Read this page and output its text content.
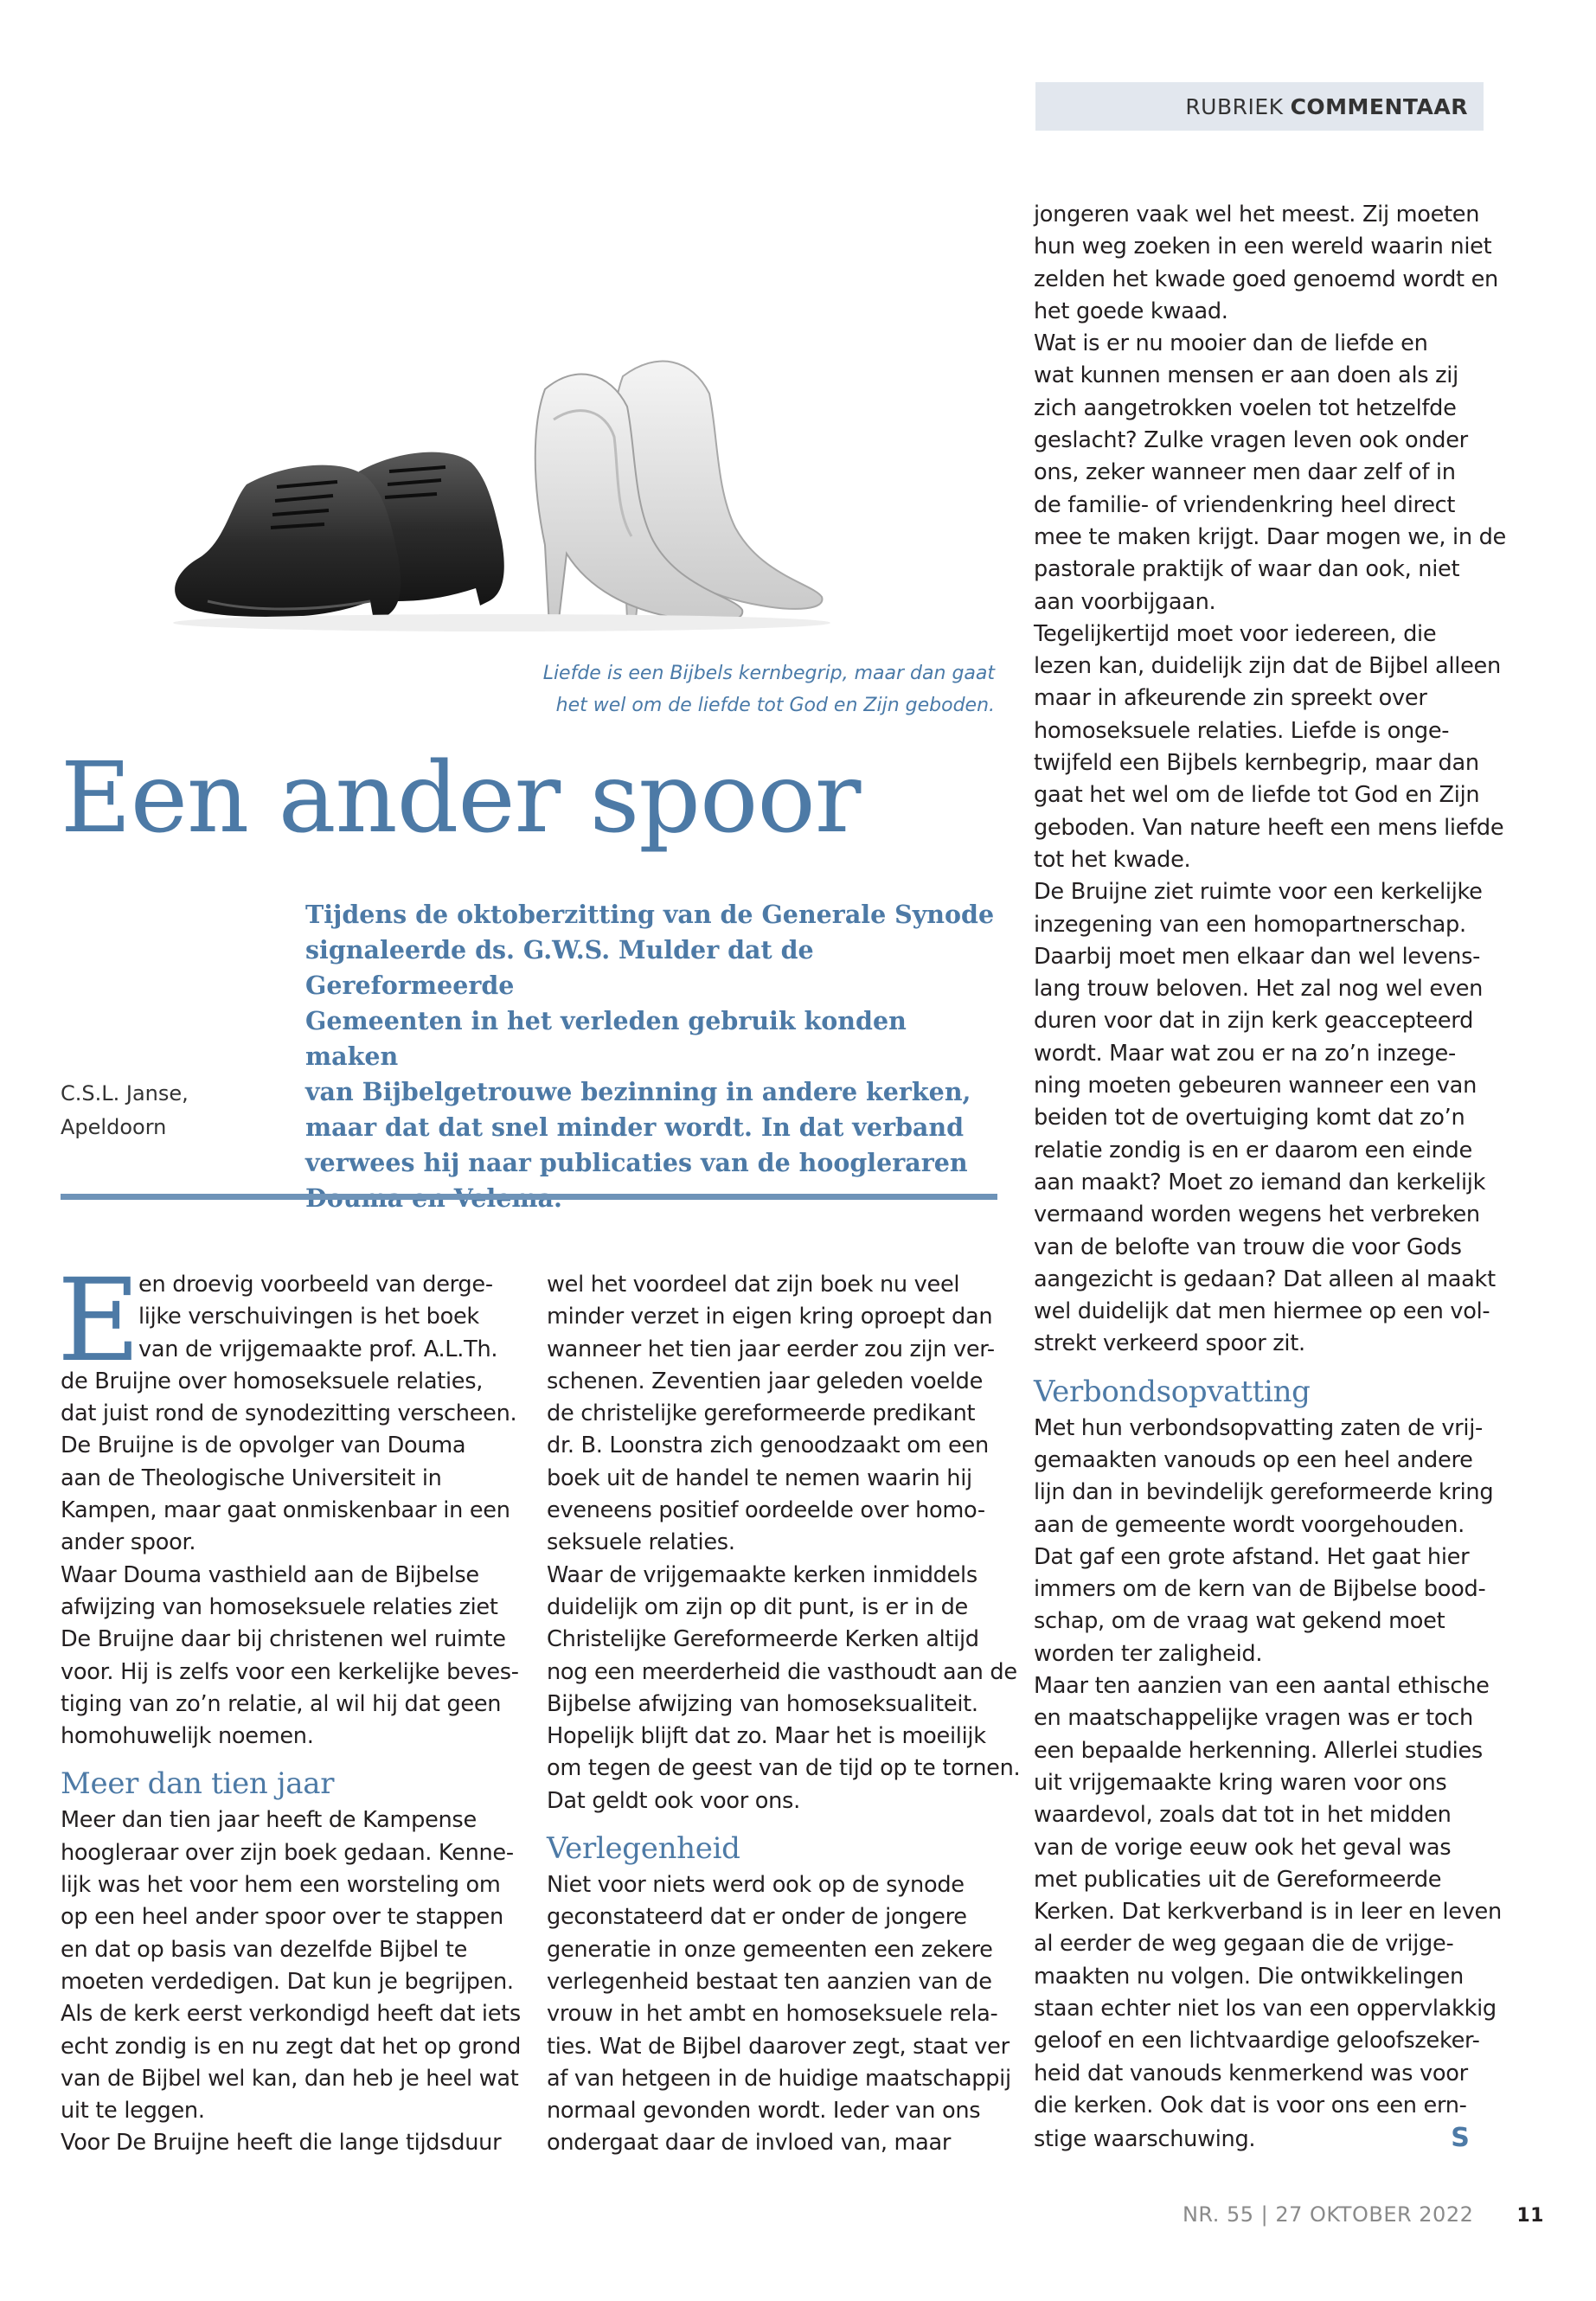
RUBRIEK COMMENTAAR
Liefde is een Bijbels kernbegrip, maar dan gaat
het wel om de liefde tot God en Zijn geboden.
Een ander spoor

Tijdens de oktoberzitting van de Generale Synode

signaleerde ds. G.W.S. Mulder dat de Gereformeerde

Gemeenten in het verleden gebruik konden maken

van Bijbelgetrouwe bezinning in andere kerken,

maar dat dat snel minder wordt. In dat verband

verwees hij naar publicaties van de hoogleraren

C.S.L. Janse,
Apeldoorn
E
en droevig voorbeeld van derge-
lijke verschuivingen is het boek
van de vrijgemaakte prof. A.L.Th.
de Bruijne over homoseksuele relaties,
dat juist rond de synodezitting verscheen.
De Bruijne is de opvolger van Douma
aan de Theologische Universiteit in
Kampen, maar gaat onmiskenbaar in een
ander spoor.
Waar Douma vasthield aan de Bijbelse
afwijzing van homoseksuele relaties ziet
De Bruijne daar bij christenen wel ruimte
voor. Hij is zelfs voor een kerkelijke beves-
tiging van zo’n relatie, al wil hij dat geen
homohuwelijk noemen.
Meer dan tien jaar
Meer dan tien jaar heeft de Kampense
hoogleraar over zijn boek gedaan. Kenne-
lijk was het voor hem een worsteling om
op een heel ander spoor over te stappen
en dat op basis van dezelfde Bijbel te
moeten verdedigen. Dat kun je begrijpen.
Als de kerk eerst verkondigd heeft dat iets
echt zondig is en nu zegt dat het op grond
van de Bijbel wel kan, dan heb je heel wat
uit te leggen.
Voor De Bruijne heeft die lange tijdsduur
wel het voordeel dat zijn boek nu veel
minder verzet in eigen kring oproept dan
wanneer het tien jaar eerder zou zijn ver-
schenen. Zeventien jaar geleden voelde
de christelijke gereformeerde predikant
dr. B. Loonstra zich genoodzaakt om een
boek uit de handel te nemen waarin hij
eveneens positief oordeelde over homo-
seksuele relaties.
Waar de vrijgemaakte kerken inmiddels
duidelijk om zijn op dit punt, is er in de
Christelijke Gereformeerde Kerken altijd
nog een meerderheid die vasthoudt aan de
Bijbelse afwijzing van homoseksualiteit.
Hopelijk blijft dat zo. Maar het is moeilijk
om tegen de geest van de tijd op te tornen.
Dat geldt ook voor ons.
Verlegenheid
Niet voor niets werd ook op de synode
geconstateerd dat er onder de jongere
generatie in onze gemeenten een zekere
verlegenheid bestaat ten aanzien van de
vrouw in het ambt en homoseksuele rela-
ties. Wat de Bijbel daarover zegt, staat ver
af van hetgeen in de huidige maatschappij
normaal gevonden wordt. Ieder van ons
ondergaat daar de invloed van, maar
jongeren vaak wel het meest. Zij moeten
hun weg zoeken in een wereld waarin niet
zelden het kwade goed genoemd wordt en
het goede kwaad.
Wat is er nu mooier dan de liefde en
wat kunnen mensen er aan doen als zij
zich aangetrokken voelen tot hetzelfde
geslacht? Zulke vragen leven ook onder
ons, zeker wanneer men daar zelf of in
de familie- of vriendenkring heel direct
mee te maken krijgt. Daar mogen we, in de
pastorale praktijk of waar dan ook, niet
aan voorbijgaan.
Tegelijkertijd moet voor iedereen, die
lezen kan, duidelijk zijn dat de Bijbel alleen
maar in afkeurende zin spreekt over
homoseksuele relaties. Liefde is onge-
twijfeld een Bijbels kernbegrip, maar dan
gaat het wel om de liefde tot God en Zijn
geboden. Van nature heeft een mens liefde
tot het kwade.
De Bruijne ziet ruimte voor een kerkelijke
inzegening van een homopartnerschap.
Daarbij moet men elkaar dan wel levens-
lang trouw beloven. Het zal nog wel even
duren voor dat in zijn kerk geaccepteerd
wordt. Maar wat zou er na zo’n inzege-
ning moeten gebeuren wanneer een van
beiden tot de overtuiging komt dat zo’n
relatie zondig is en er daarom een einde
aan maakt? Moet zo iemand dan kerkelijk
vermaand worden wegens het verbreken
van de belofte van trouw die voor Gods
aangezicht is gedaan? Dat alleen al maakt
wel duidelijk dat men hiermee op een vol-
strekt verkeerd spoor zit.
Verbondsopvatting
Met hun verbondsopvatting zaten de vrij-
gemaakten vanouds op een heel andere
lijn dan in bevindelijk gereformeerde kring
aan de gemeente wordt voorgehouden.
Dat gaf een grote afstand. Het gaat hier
immers om de kern van de Bijbelse bood-
schap, om de vraag wat gekend moet
worden ter zaligheid.
Maar ten aanzien van een aantal ethische
en maatschappelijke vragen was er toch
een bepaalde herkenning. Allerlei studies
uit vrijgemaakte kring waren voor ons
waardevol, zoals dat tot in het midden
van de vorige eeuw ook het geval was
met publicaties uit de Gereformeerde
Kerken. Dat kerkverband is in leer en leven
al eerder de weg gegaan die de vrijge-
maakten nu volgen. Die ontwikkelingen
staan echter niet los van een oppervlakkig
geloof en een lichtvaardige geloofszeker-
heid dat vanouds kenmerkend was voor
die kerken. Ook dat is voor ons een ern-
stige waarschuwing.	S
NR. 55 | 27 OKTOBER 2022 11
